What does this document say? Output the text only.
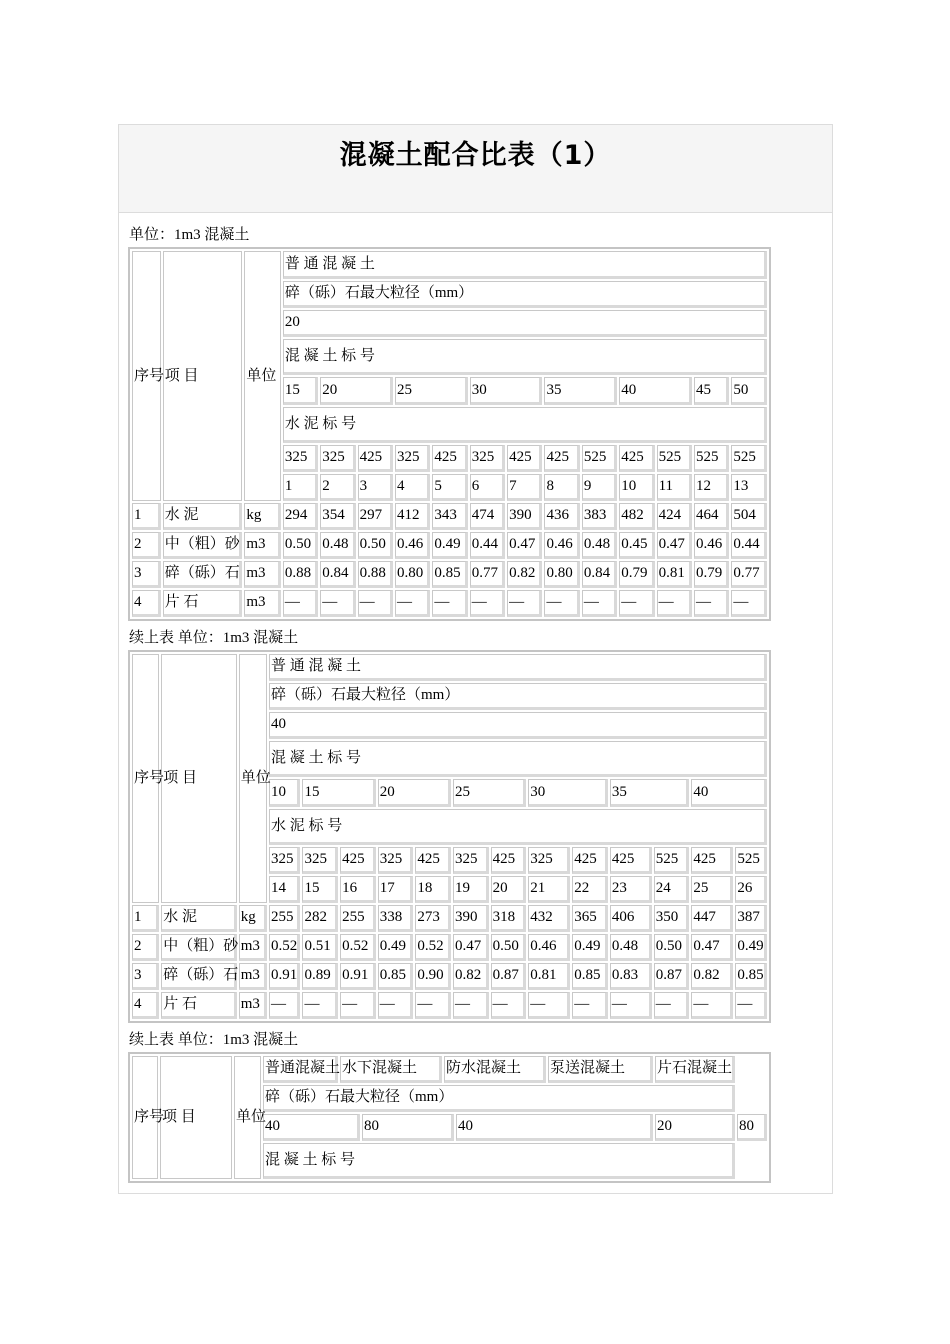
混凝土配合比表（1）
单位：1m3 混凝土
序号	项 目	单位	普 通 混 凝 土												
			碎（砾）石最大粒径（mm）												
			20												
			混 凝 土 标 号												
			15	20		25		30		35		40		45	50
			水 泥 标 号												
			325	325	425	325	425	325	425	425	525	425	525	525	525
			1	2	3	4	5	6	7	8	9	10	11	12	13
1	水 泥	kg	294	354	297	412	343	474	390	436	383	482	424	464	504
2	中（粗）砂	m3	0.50	0.48	0.50	0.46	0.49	0.44	0.47	0.46	0.48	0.45	0.47	0.46	0.44
3	碎（砾）石	m3	0.88	0.84	0.88	0.80	0.85	0.77	0.82	0.80	0.84	0.79	0.81	0.79	0.77
4	片 石	m3	—	—	—	—	—	—	—	—	—	—	—	—	—
续上表 单位：1m3 混凝土
序号	项 目	单位	普 通 混 凝 土												
			碎（砾）石最大粒径（mm）												
			40												
			混 凝 土 标 号												
			10	15		20		25		30		35		40	
			水 泥 标 号												
			325	325	425	325	425	325	425	325	425	425	525	425	525
			14	15	16	17	18	19	20	21	22	23	24	25	26
1	水 泥	kg	255	282	255	338	273	390	318	432	365	406	350	447	387
2	中（粗）砂	m3	0.52	0.51	0.52	0.49	0.52	0.47	0.50	0.46	0.49	0.48	0.50	0.47	0.49
3	碎（砾）石	m3	0.91	0.89	0.91	0.85	0.90	0.82	0.87	0.81	0.85	0.83	0.87	0.82	0.85
4	片 石	m3	—	—	—	—	—	—	—	—	—	—	—	—	—
续上表 单位：1m3 混凝土
序号	项 目	单位	普通混凝土	水下混凝土		防水混凝土		泵送混凝土	片石混凝土	
			碎（砾）石最大粒径（mm）							
			40		80		40		20	80
			混 凝 土 标 号							
